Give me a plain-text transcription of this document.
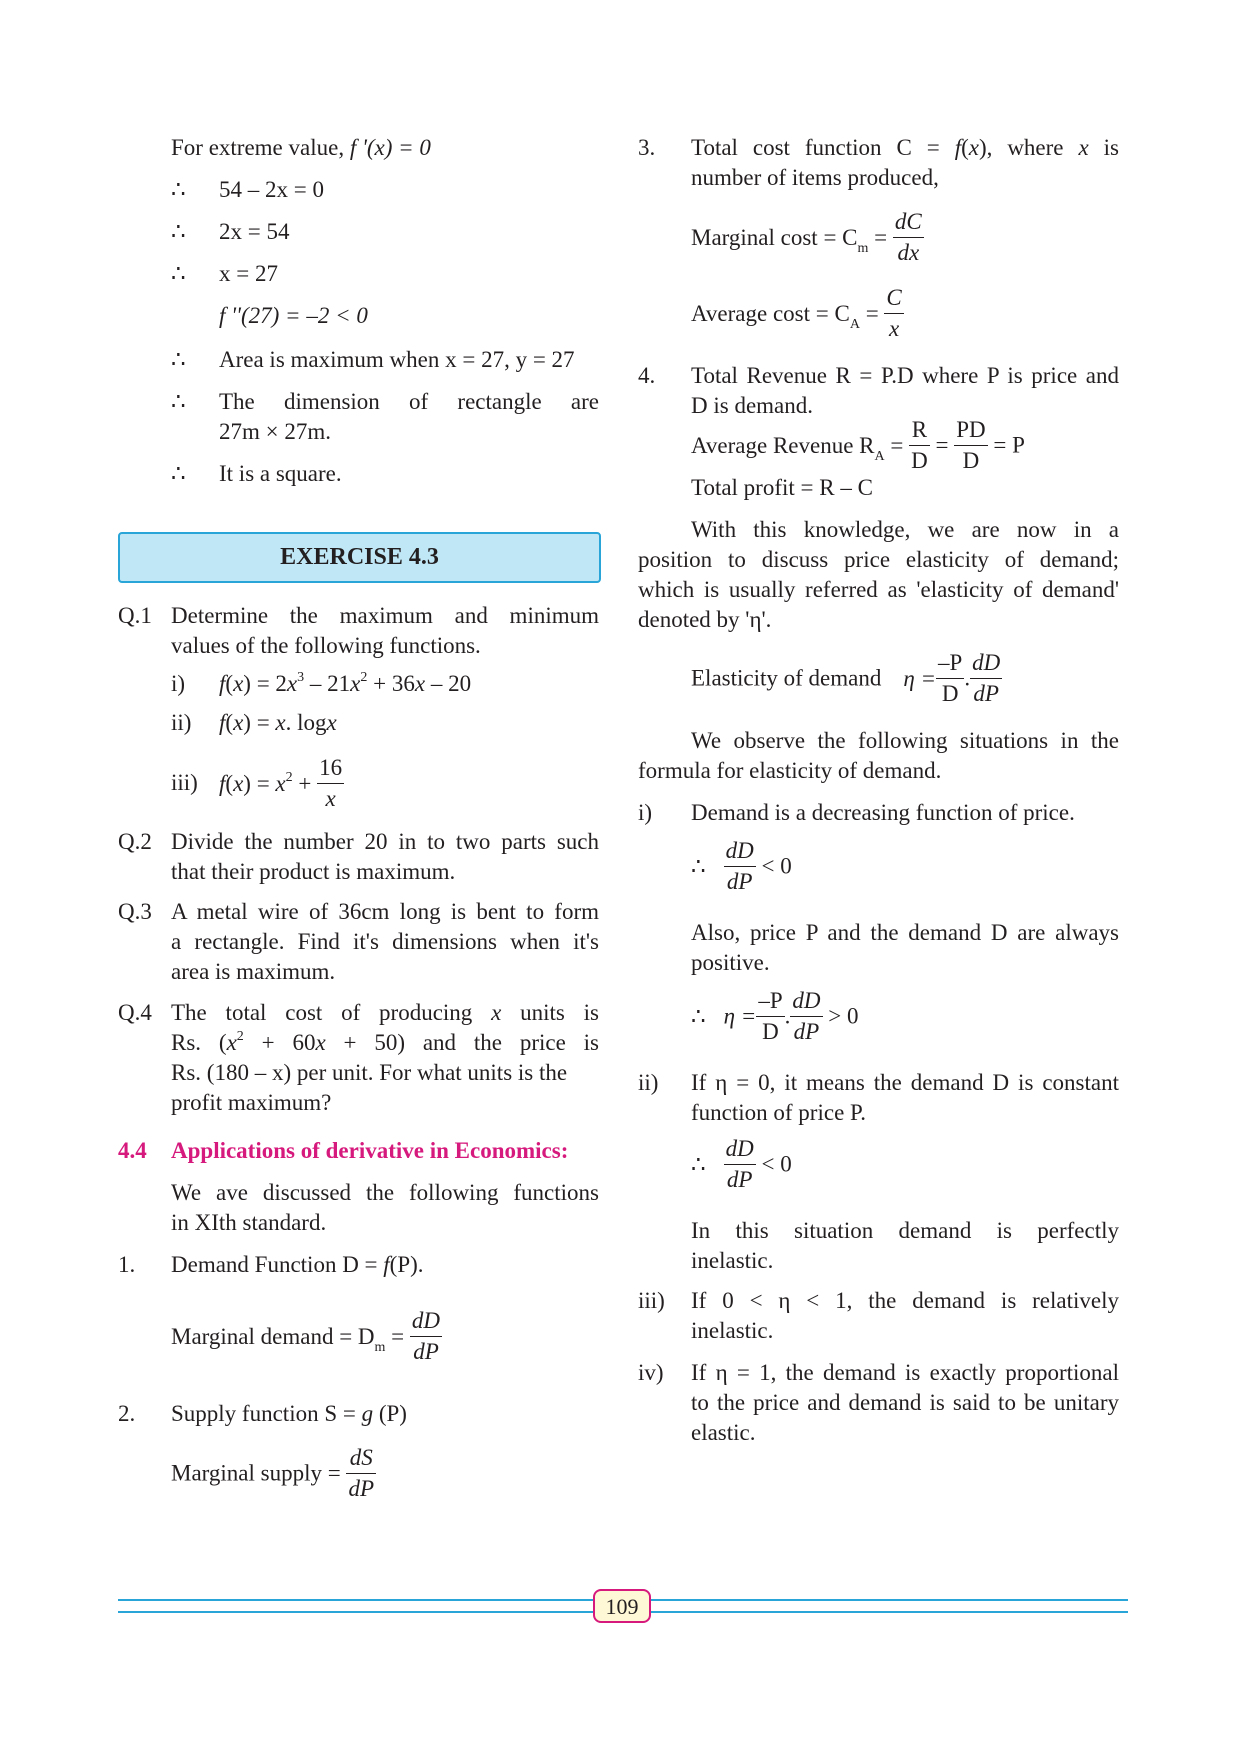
For extreme value, f '(x) = 0
∴ 54 – 2x = 0
∴ 2x = 54
∴ x = 27
f ''(27) = –2 < 0
∴ Area is maximum when x = 27, y = 27
∴ The dimension of rectangle are
27m × 27m.
∴ It is a square.
EXERCISE 4.3
Q.1 Determine the maximum and minimum
values of the following functions.
i) $f(x) = 2x^3 - 21x^2 + 36x - 20$
ii) f(x) = x. logx
iii) $f(x) = x^2 + \frac{16}{x}$
Q.2 Divide the number 20 in to two parts such
that their product is maximum.
Q.3 A metal wire of 36cm long is bent to form
a rectangle. Find it's dimensions when it's
area is maximum.
Q.4 The total cost of producing x units is
Rs. $(x^2 + 60x + 50)$ and the price is
Rs. (180 – x) per unit. For what units is the
profit maximum?
4.4 Applications of derivative in Economics:
We ave discussed the following functions
in XIth standard.
1. Demand Function D = f(P).
Marginal demand = $D_m = \frac{dD}{dP}$
2. Supply function S = g (P)
Marginal supply = $\frac{dS}{dP}$
3. Total cost function C = f(x), where x is
number of items produced,
Marginal $\cos t = C_m = \frac{dC}{dx}$
Average $\cos t = C_A = \frac{C}{x}$
4. Total Revenue R = P.D where P is price and
D is demand.
Average Revenue $R_A = \frac{R}{D} = \frac{PD}{D} = P$
Total profit = R – C
With this knowledge, we are now in a
position to discuss price elasticity of demand;
which is usually referred as 'elasticity of demand'
denoted by 'η'.
Elasticity of demand $\eta = \frac{-P}{D}$ . $\frac{dD}{dP}$
We observe the following situations in the
formula for elasticity of demand.
i) Demand is a decreasing function of price.
∴ $\frac{dD}{dP} < 0$
Also, price P and the demand D are always
positive.
∴ $\eta = \frac{-P}{D}$ . $\frac{dD}{dP} > 0$
ii) If η = 0, it means the demand D is constant
function of price P.
∴ $\frac{dD}{dP} < 0$
In this situation demand is perfectly
inelastic.
iii) If 0 < η < 1, the demand is relatively
inelastic.
iv) If η = 1, the demand is exactly proportional
to the price and demand is said to be unitary
elastic.
109
